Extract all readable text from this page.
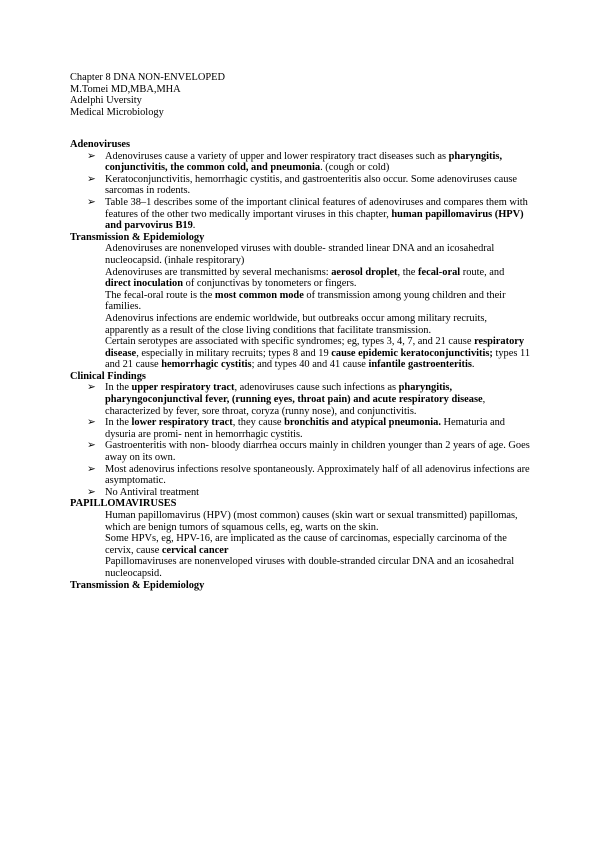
Chapter 8 DNA NON-ENVELOPED
M.Tomei MD,MBA,MHA
Adelphi Uversity
Medical Microbiology
Adenoviruses
➢ Adenoviruses cause a variety of upper and lower respiratory tract diseases such as pharyngitis, conjunctivitis, the common cold, and pneumonia. (cough or cold)
➢ Keratoconjunctivitis, hemorrhagic cystitis, and gastroenteritis also occur. Some adenoviruses cause sarcomas in rodents.
➢ Table 38–1 describes some of the important clinical features of adenoviruses and compares them with features of the other two medically important viruses in this chapter, human papillomavirus (HPV) and parvovirus B19.
Transmission & Epidemiology
Adenoviruses are nonenveloped viruses with double- stranded linear DNA and an icosahedral nucleocapsid. (inhale respitorary)
Adenoviruses are transmitted by several mechanisms: aerosol droplet, the fecal-oral route, and direct inoculation of conjunctivas by tonometers or fingers.
The fecal-oral route is the most common mode of transmission among young children and their families.
Adenovirus infections are endemic worldwide, but outbreaks occur among military recruits, apparently as a result of the close living conditions that facilitate transmission.
Certain serotypes are associated with specific syndromes; eg, types 3, 4, 7, and 21 cause respiratory disease, especially in military recruits; types 8 and 19 cause epidemic keratoconjunctivitis; types 11 and 21 cause hemorrhagic cystitis; and types 40 and 41 cause infantile gastroenteritis.
Clinical Findings
➢ In the upper respiratory tract, adenoviruses cause such infections as pharyngitis, pharyngoconjunctival fever, (running eyes, throat pain) and acute respiratory disease, characterized by fever, sore throat, coryza (runny nose), and conjunctivitis.
➢ In the lower respiratory tract, they cause bronchitis and atypical pneumonia. Hematuria and dysuria are promi- nent in hemorrhagic cystitis.
➢ Gastroenteritis with non- bloody diarrhea occurs mainly in children younger than 2 years of age. Goes away on its own.
➢ Most adenovirus infections resolve spontaneously. Approximately half of all adenovirus infections are asymptomatic.
➢ No Antiviral treatment
PAPILLOMAVIRUSES
Human papillomavirus (HPV) (most common) causes (skin wart or sexual transmitted) papillomas, which are benign tumors of squamous cells, eg, warts on the skin.
Some HPVs, eg, HPV-16, are implicated as the cause of carcinomas, especially carcinoma of the cervix, cause cervical cancer
Papillomaviruses are nonenveloped viruses with double-stranded circular DNA and an icosahedral nucleocapsid.
Transmission & Epidemiology
